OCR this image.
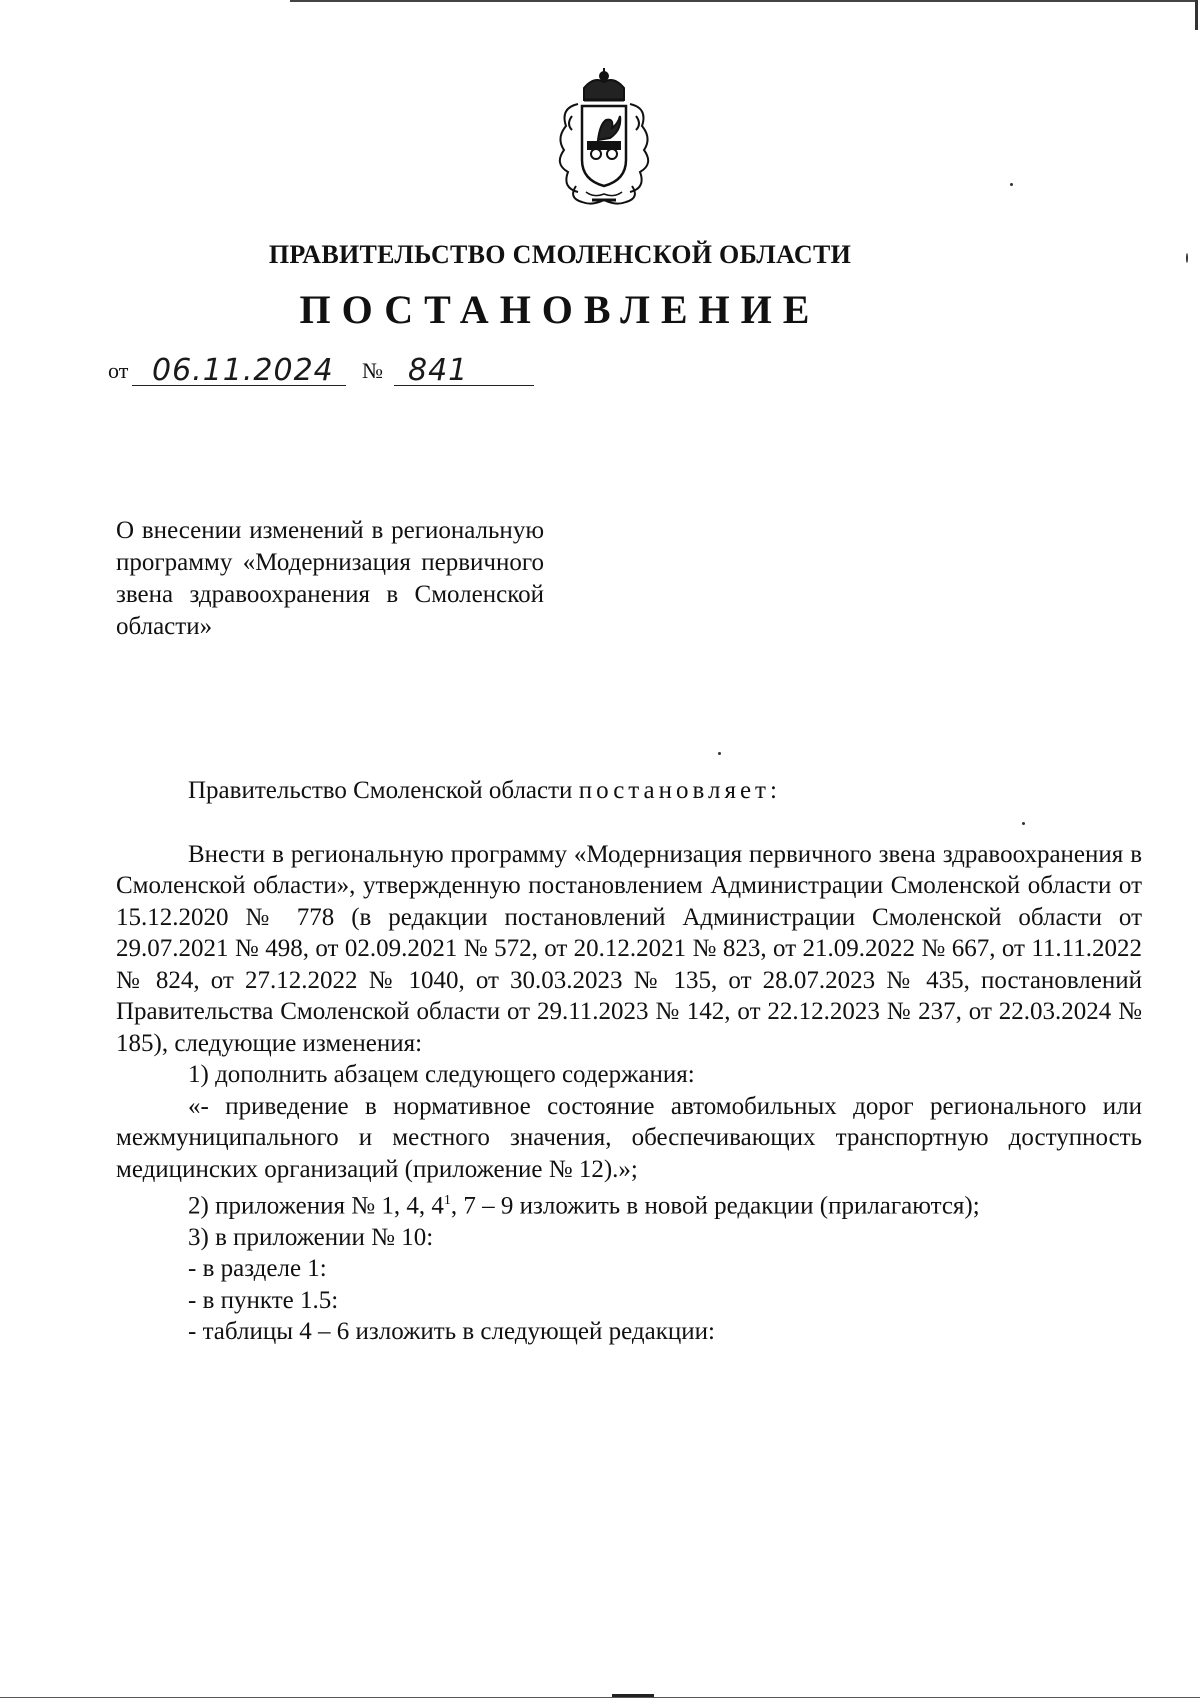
ПРАВИТЕЛЬСТВО СМОЛЕНСКОЙ ОБЛАСТИ
ПОСТАНОВЛЕНИЕ
от 06.11.2024 № 841
О внесении изменений в региональную программу «Модернизация первичного звена здравоохранения в Смоленской области»

Правительство Смоленской области постановляет:

Внести в региональную программу «Модернизация первичного звена здравоохранения в Смоленской области», утвержденную постановлением Администрации Смоленской области от 15.12.2020 № 778 (в редакции постановлений Администрации Смоленской области от 29.07.2021 № 498, от 02.09.2021 № 572, от 20.12.2021 № 823, от 21.09.2022 № 667, от 11.11.2022 № 824, от 27.12.2022 № 1040, от 30.03.2023 № 135, от 28.07.2023 № 435, постановлений Правительства Смоленской области от 29.11.2023 № 142, от 22.12.2023 № 237, от 22.03.2024 № 185), следующие изменения:

1) дополнить абзацем следующего содержания:

«- приведение в нормативное состояние автомобильных дорог регионального или межмуниципального и местного значения, обеспечивающих транспортную доступность медицинских организаций (приложение № 12).»;

2) приложения № 1, 4, $4^1$, 7 – 9 изложить в новой редакции (прилагаются);

3) в приложении № 10:

- в разделе 1:

- в пункте 1.5:

- таблицы 4 – 6 изложить в следующей редакции:
